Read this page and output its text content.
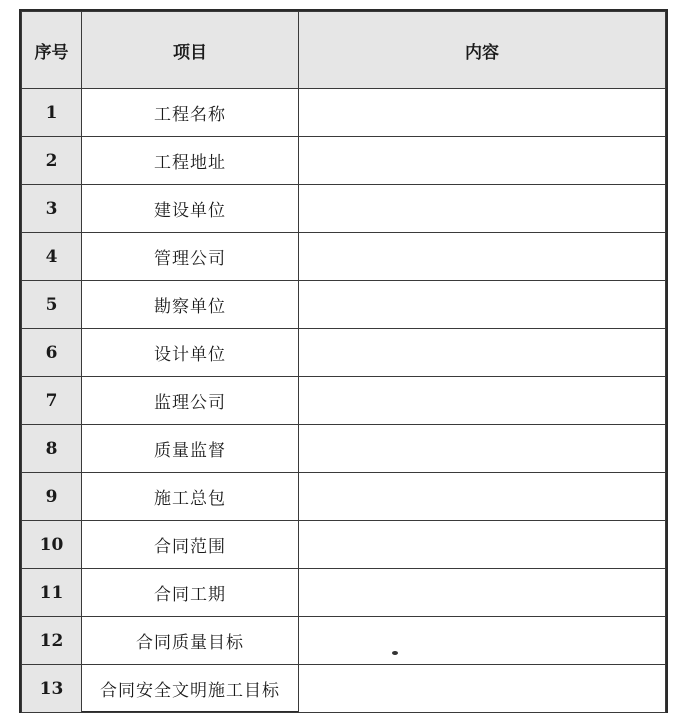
序号	项目	内容
1	工程名称	
2	工程地址	
3	建设单位	
4	管理公司	
5	勘察单位	
6	设计单位	
7	监理公司	
8	质量监督	
9	施工总包	
10	合同范围	
11	合同工期	
12	合同质量目标	
13	合同安全文明施工目标	
